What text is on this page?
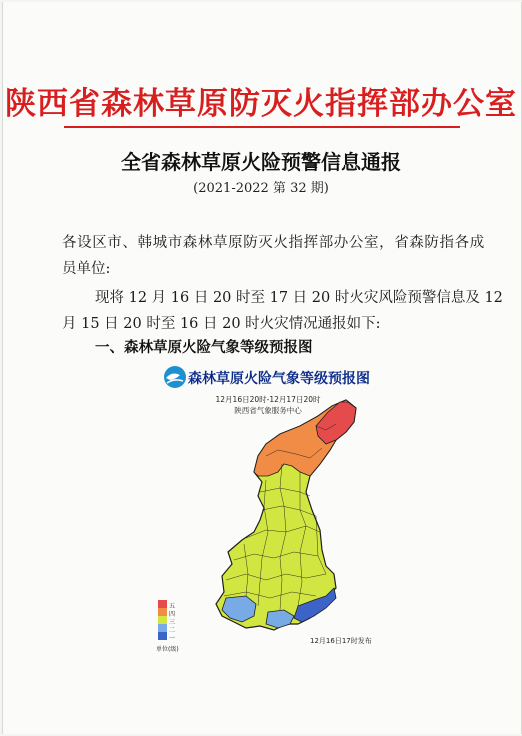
陕西省森林草原防灭火指挥部办公室
全省森林草原火险预警信息通报
(2021-2022 第 32 期)
各设区市、韩城市森林草原防灭火指挥部办公室，省森防指各成
员单位:
现将 12 月 16 日 20 时至 17 日 20 时火灾风险预警信息及 12
月 15 日 20 时至 16 日 20 时火灾情况通报如下:
一、森林草原火险气象等级预报图
森林草原火险气象等级预报图
12月16日20时-12月17日20时
陕西省气象服务中心
五
四
三
二
一
单位(级)
12月16日17时发布
